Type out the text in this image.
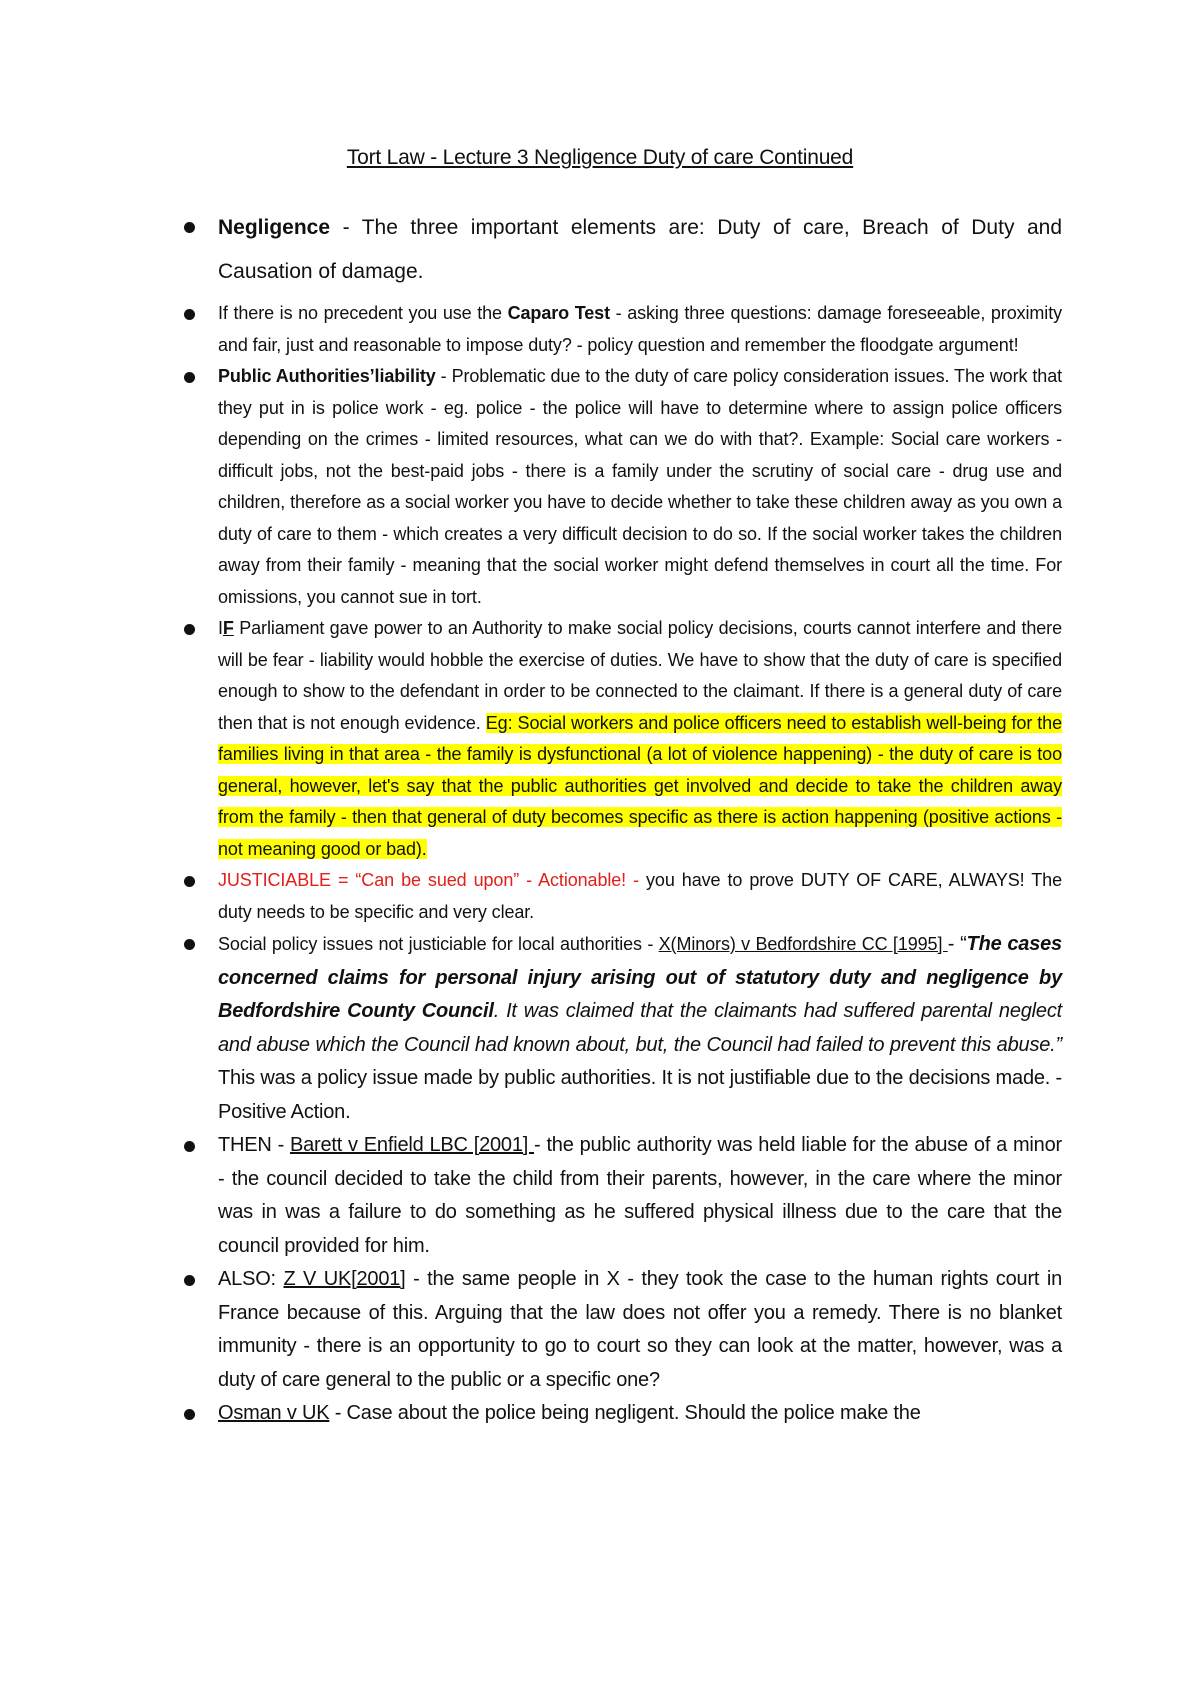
Tort Law - Lecture 3 Negligence Duty of care Continued
Negligence - The three important elements are: Duty of care, Breach of Duty and Causation of damage.
If there is no precedent you use the Caparo Test - asking three questions: damage foreseeable, proximity and fair, just and reasonable to impose duty? - policy question and remember the floodgate argument!
Public Authorities’liability - Problematic due to the duty of care policy consideration issues. The work that they put in is police work - eg. police - the police will have to determine where to assign police officers depending on the crimes - limited resources, what can we do with that?. Example: Social care workers - difficult jobs, not the best-paid jobs - there is a family under the scrutiny of social care - drug use and children, therefore as a social worker you have to decide whether to take these children away as you own a duty of care to them - which creates a very difficult decision to do so. If the social worker takes the children away from their family - meaning that the social worker might defend themselves in court all the time. For omissions, you cannot sue in tort.
IF Parliament gave power to an Authority to make social policy decisions, courts cannot interfere and there will be fear - liability would hobble the exercise of duties. We have to show that the duty of care is specified enough to show to the defendant in order to be connected to the claimant. If there is a general duty of care then that is not enough evidence. Eg: Social workers and police officers need to establish well-being for the families living in that area - the family is dysfunctional (a lot of violence happening) - the duty of care is too general, however, let's say that the public authorities get involved and decide to take the children away from the family - then that general of duty becomes specific as there is action happening (positive actions - not meaning good or bad).
JUSTICIABLE = “Can be sued upon” - Actionable! - you have to prove DUTY OF CARE, ALWAYS! The duty needs to be specific and very clear.
Social policy issues not justiciable for local authorities - X(Minors) v Bedfordshire CC [1995] - “The cases concerned claims for personal injury arising out of statutory duty and negligence by Bedfordshire County Council. It was claimed that the claimants had suffered parental neglect and abuse which the Council had known about, but, the Council had failed to prevent this abuse.” This was a policy issue made by public authorities. It is not justifiable due to the decisions made. - Positive Action.
THEN - Barett v Enfield LBC [2001] - the public authority was held liable for the abuse of a minor - the council decided to take the child from their parents, however, in the care where the minor was in was a failure to do something as he suffered physical illness due to the care that the council provided for him.
ALSO: Z V UK[2001] - the same people in X - they took the case to the human rights court in France because of this. Arguing that the law does not offer you a remedy. There is no blanket immunity - there is an opportunity to go to court so they can look at the matter, however, was a duty of care general to the public or a specific one?
Osman v UK - Case about the police being negligent. Should the police make the
